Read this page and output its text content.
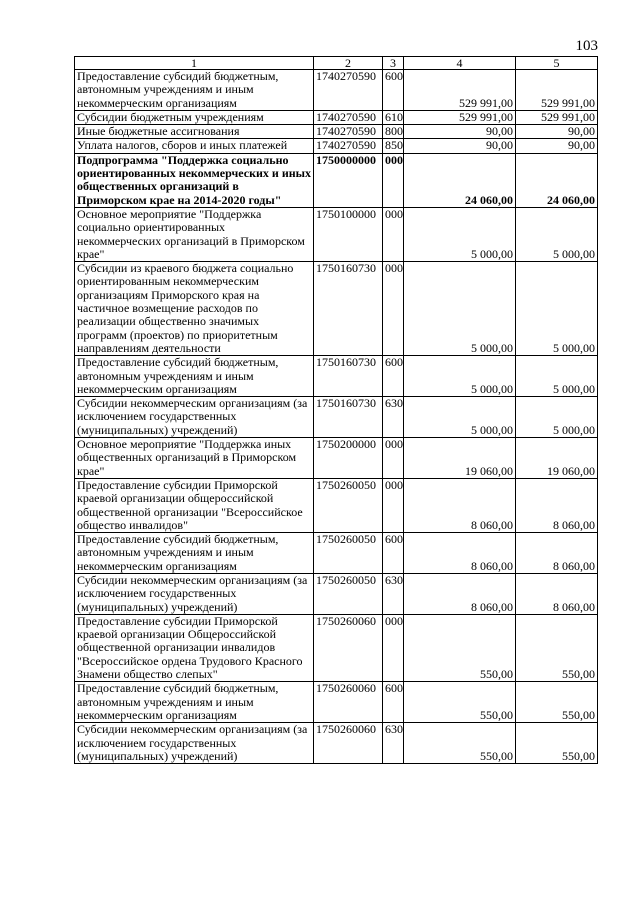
103
1	2	3	4	5
Предоставление субсидий бюджетным, автономным учреждениям и иным некоммерческим организациям	1740270590	600	529 991,00	529 991,00
Субсидии бюджетным учреждениям	1740270590	610	529 991,00	529 991,00
Иные бюджетные ассигнования	1740270590	800	90,00	90,00
Уплата налогов, сборов и иных платежей	1740270590	850	90,00	90,00
Подпрограмма "Поддержка социально ориентированных некоммерческих и иных общественных организаций в Приморском крае на 2014-2020 годы"	1750000000	000	24 060,00	24 060,00
Основное мероприятие "Поддержка социально ориентированных некоммерческих организаций в Приморском крае"	1750100000	000	5 000,00	5 000,00
Субсидии из краевого бюджета социально ориентированным некоммерческим организациям Приморского края на частичное возмещение расходов по реализации общественно значимых программ (проектов) по приоритетным направлениям деятельности	1750160730	000	5 000,00	5 000,00
Предоставление субсидий бюджетным, автономным учреждениям и иным некоммерческим организациям	1750160730	600	5 000,00	5 000,00
Субсидии некоммерческим организациям (за исключением государственных (муниципальных) учреждений)	1750160730	630	5 000,00	5 000,00
Основное мероприятие "Поддержка иных общественных организаций в Приморском крае"	1750200000	000	19 060,00	19 060,00
Предоставление субсидии Приморской краевой организации общероссийской общественной организации "Всероссийское общество инвалидов"	1750260050	000	8 060,00	8 060,00
Предоставление субсидий бюджетным, автономным учреждениям и иным некоммерческим организациям	1750260050	600	8 060,00	8 060,00
Субсидии некоммерческим организациям (за исключением государственных (муниципальных) учреждений)	1750260050	630	8 060,00	8 060,00
Предоставление субсидии Приморской краевой организации Общероссийской общественной организации инвалидов "Всероссийское ордена Трудового Красного Знамени общество слепых"	1750260060	000	550,00	550,00
Предоставление субсидий бюджетным, автономным учреждениям и иным некоммерческим организациям	1750260060	600	550,00	550,00
Субсидии некоммерческим организациям (за исключением государственных (муниципальных) учреждений)	1750260060	630	550,00	550,00
